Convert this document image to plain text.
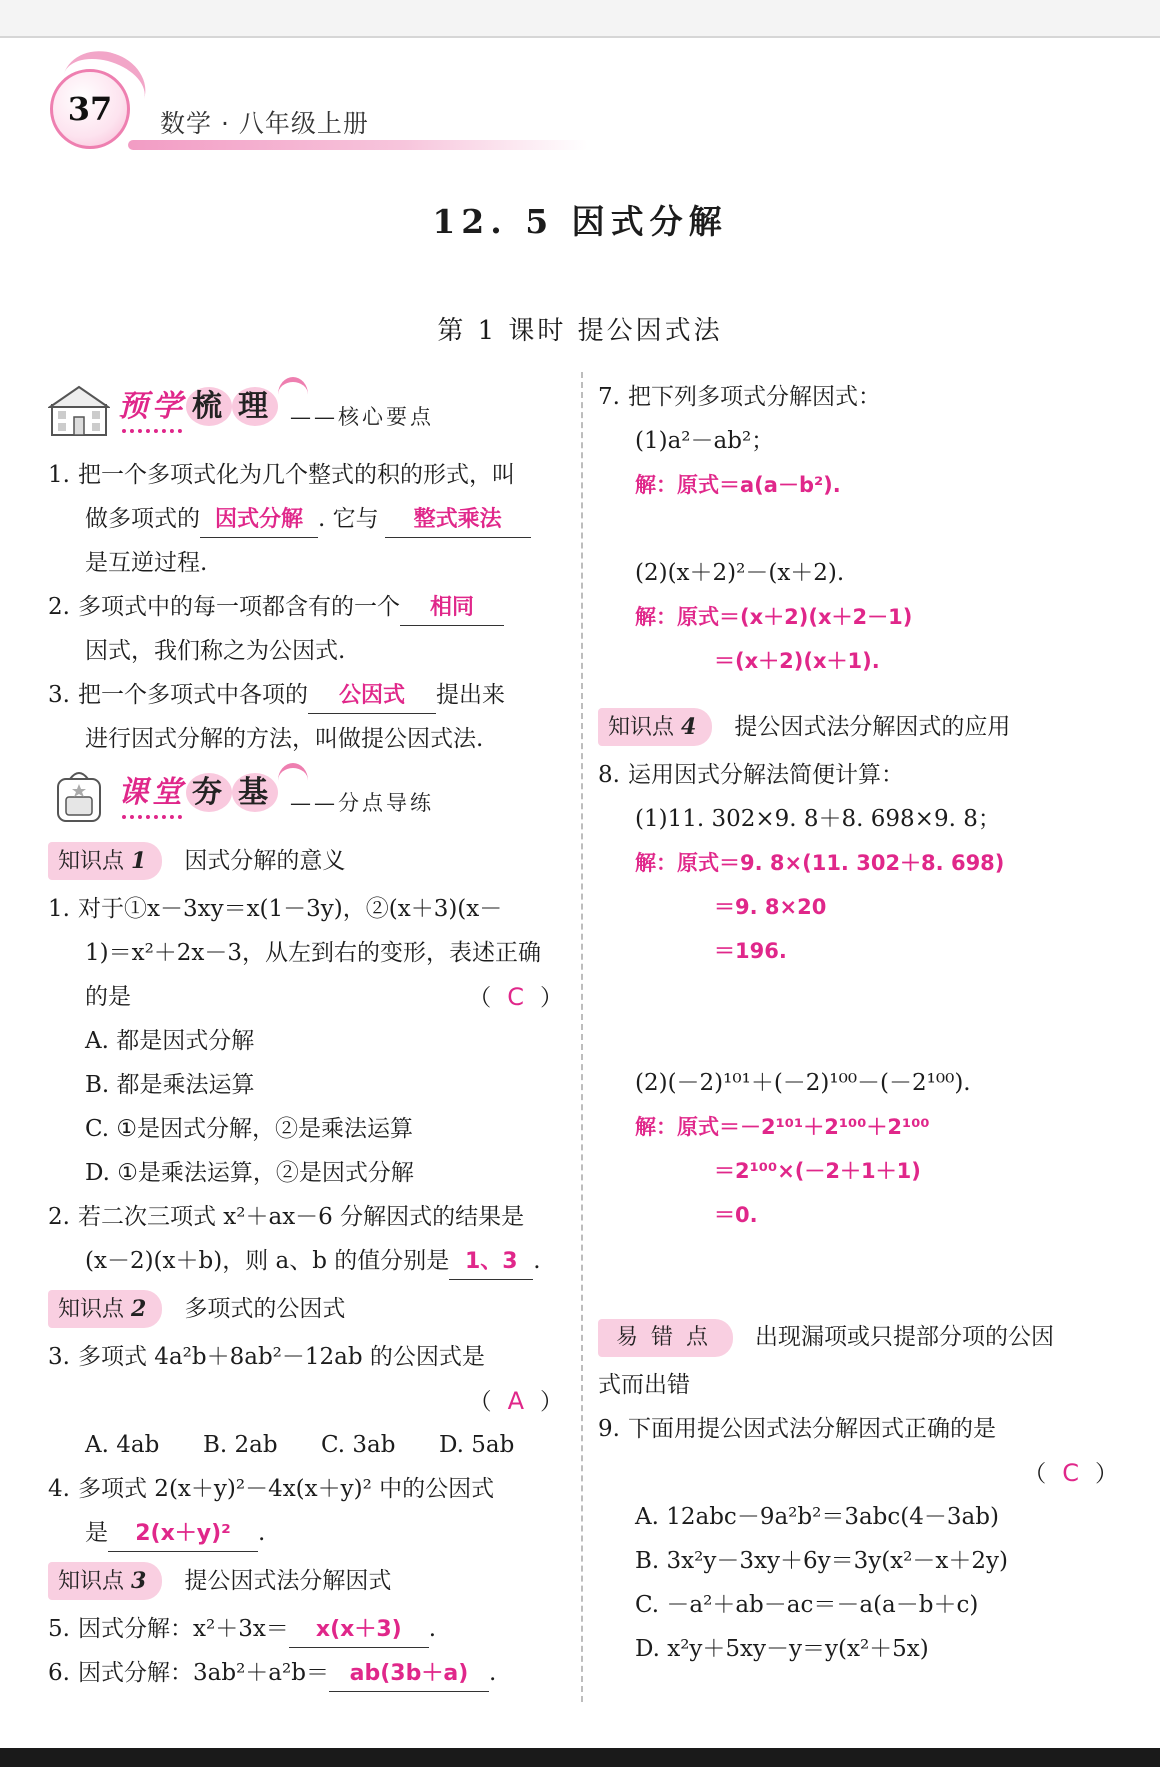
37 数学 · 八年级上册
12. 5 因式分解
第 1 课时 提公因式法
预学 梳 理 ——核心要点
1. 把一个多项式化为几个整式的积的形式，叫
做多项式的 因式分解 . 它与 整式乘法
是互逆过程.
2. 多项式中的每一项都含有的一个 相同
因式，我们称之为公因式.
3. 把一个多项式中各项的 公因式 提出来
进行因式分解的方法，叫做提公因式法.
课堂 夯 基 ——分点导练
知识点 1 因式分解的意义
1. 对于①x－3xy＝x(1－3y)，②(x＋3)(x－
1)＝x²＋2x－3，从左到右的变形，表述正确
的是	（ C ）
A. 都是因式分解
B. 都是乘法运算
C. ①是因式分解，②是乘法运算
D. ①是乘法运算，②是因式分解
2. 若二次三项式 x²＋ax－6 分解因式的结果是
(x－2)(x＋b)，则 a、b 的值分别是 1、3 .
知识点 2 多项式的公因式
3. 多项式 4a²b＋8ab²－12ab 的公因式是
（ A ）
A. 4ab B. 2ab C. 3ab D. 5ab
4. 多项式 2(x＋y)²－4x(x＋y)² 中的公因式
是 2(x＋y)² .
知识点 3 提公因式法分解因式
5. 因式分解：x²＋3x＝ x(x＋3) .
6. 因式分解：3ab²＋a²b＝ ab(3b＋a) .
7. 把下列多项式分解因式：
(1)a²－ab²；
解：原式＝a(a－b²).
(2)(x＋2)²－(x＋2).
解：原式＝(x＋2)(x＋2－1)
＝(x＋2)(x＋1).
知识点 4 提公因式法分解因式的应用
8. 运用因式分解法简便计算：
(1)11. 302×9. 8＋8. 698×9. 8；
解：原式＝9. 8×(11. 302＋8. 698)
＝9. 8×20
＝196.
(2)(－2)¹⁰¹＋(－2)¹⁰⁰－(－2¹⁰⁰).
解：原式＝－2¹⁰¹＋2¹⁰⁰＋2¹⁰⁰
＝2¹⁰⁰×(－2＋1＋1)
＝0.
易 错 点 出现漏项或只提部分项的公因
式而出错
9. 下面用提公因式法分解因式正确的是
（ C ）
A. 12abc－9a²b²＝3abc(4－3ab)
B. 3x²y－3xy＋6y＝3y(x²－x＋2y)
C. －a²＋ab－ac＝－a(a－b＋c)
D. x²y＋5xy－y＝y(x²＋5x)
